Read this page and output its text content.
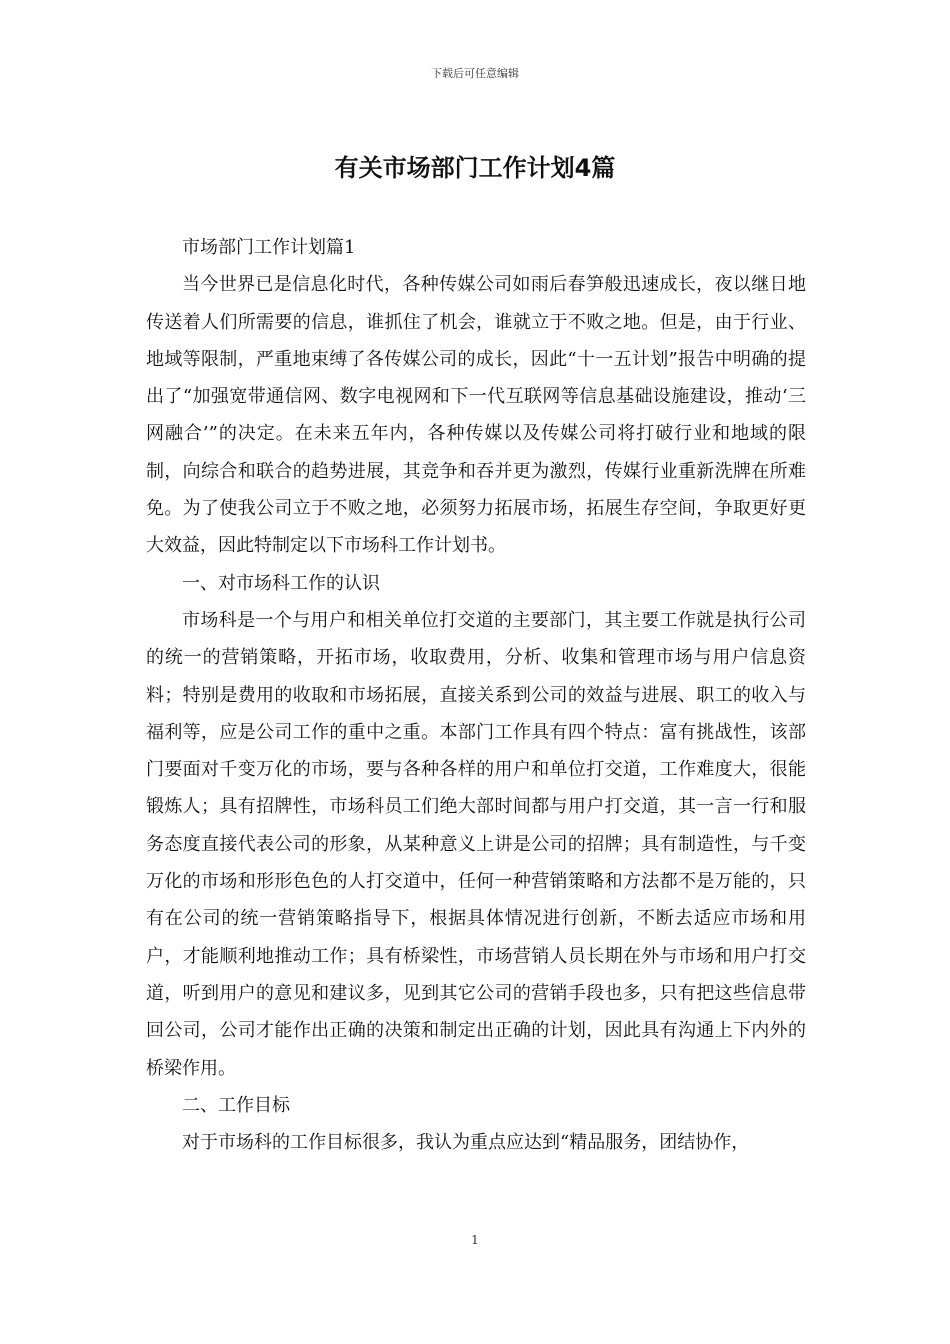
下载后可任意编辑
有关市场部门工作计划4篇

市场部门工作计划篇1

当今世界已是信息化时代，各种传媒公司如雨后春笋般迅速成长，夜以继日地传送着人们所需要的信息，谁抓住了机会，谁就立于不败之地。但是，由于行业、地域等限制，严重地束缚了各传媒公司的成长，因此“十一五计划”报告中明确的提出了“加强宽带通信网、数字电视网和下一代互联网等信息基础设施建设，推动‘三网融合’”的决定。在未来五年内，各种传媒以及传媒公司将打破行业和地域的限制，向综合和联合的趋势进展，其竞争和吞并更为激烈，传媒行业重新洗牌在所难免。为了使我公司立于不败之地，必须努力拓展市场，拓展生存空间，争取更好更大效益，因此特制定以下市场科工作计划书。

一、对市场科工作的认识

市场科是一个与用户和相关单位打交道的主要部门，其主要工作就是执行公司的统一的营销策略，开拓市场，收取费用，分析、收集和管理市场与用户信息资料；特别是费用的收取和市场拓展，直接关系到公司的效益与进展、职工的收入与福利等，应是公司工作的重中之重。本部门工作具有四个特点：富有挑战性，该部门要面对千变万化的市场，要与各种各样的用户和单位打交道，工作难度大，很能锻炼人；具有招牌性，市场科员工们绝大部时间都与用户打交道，其一言一行和服务态度直接代表公司的形象，从某种意义上讲是公司的招牌；具有制造性，与千变万化的市场和形形色色的人打交道中，任何一种营销策略和方法都不是万能的，只有在公司的统一营销策略指导下，根据具体情况进行创新，不断去适应市场和用户，才能顺利地推动工作；具有桥梁性，市场营销人员长期在外与市场和用户打交道，听到用户的意见和建议多，见到其它公司的营销手段也多，只有把这些信息带回公司，公司才能作出正确的决策和制定出正确的计划，因此具有沟通上下内外的桥梁作用。

二、工作目标

对于市场科的工作目标很多，我认为重点应达到“精品服务，团结协作，

1
